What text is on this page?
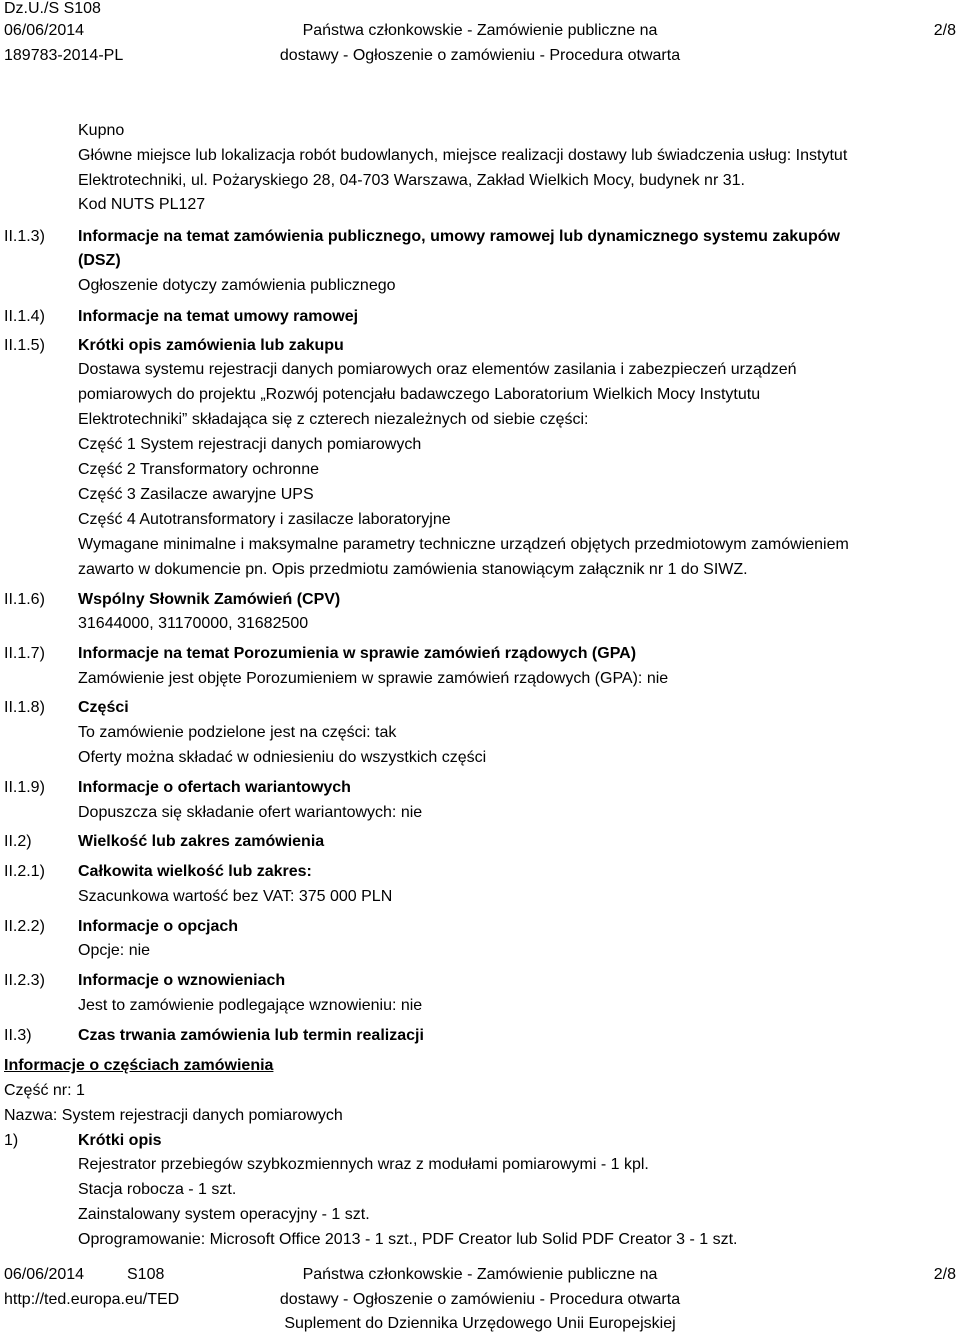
Dz.U./S S108
06/06/2014
189783-2014-PL
Państwa członkowskie - Zamówienie publiczne na
dostawy - Ogłoszenie o zamówieniu - Procedura otwarta
2/8
Kupno
Główne miejsce lub lokalizacja robót budowlanych, miejsce realizacji dostawy lub świadczenia usług: Instytut
Elektrotechniki, ul. Pożaryskiego 28, 04-703 Warszawa, Zakład Wielkich Mocy, budynek nr 31.
Kod NUTS PL127
II.1.3) Informacje na temat zamówienia publicznego, umowy ramowej lub dynamicznego systemu zakupów
(DSZ)
Ogłoszenie dotyczy zamówienia publicznego
II.1.4) Informacje na temat umowy ramowej
II.1.5) Krótki opis zamówienia lub zakupu
Dostawa systemu rejestracji danych pomiarowych oraz elementów zasilania i zabezpieczeń urządzeń
pomiarowych do projektu „Rozwój potencjału badawczego Laboratorium Wielkich Mocy Instytutu
Elektrotechniki” składająca się z czterech niezależnych od siebie części:
Część 1 System rejestracji danych pomiarowych
Część 2 Transformatory ochronne
Część 3 Zasilacze awaryjne UPS
Część 4 Autotransformatory i zasilacze laboratoryjne
Wymagane minimalne i maksymalne parametry techniczne urządzeń objętych przedmiotowym zamówieniem
zawarto w dokumencie pn. Opis przedmiotu zamówienia stanowiącym załącznik nr 1 do SIWZ.
II.1.6) Wspólny Słownik Zamówień (CPV)
31644000, 31170000, 31682500
II.1.7) Informacje na temat Porozumienia w sprawie zamówień rządowych (GPA)
Zamówienie jest objęte Porozumieniem w sprawie zamówień rządowych (GPA): nie
II.1.8) Części
To zamówienie podzielone jest na części: tak
Oferty można składać w odniesieniu do wszystkich części
II.1.9) Informacje o ofertach wariantowych
Dopuszcza się składanie ofert wariantowych: nie
II.2)	Wielkość lub zakres zamówienia
II.2.1) Całkowita wielkość lub zakres:
Szacunkowa wartość bez VAT: 375 000 PLN
II.2.2) Informacje o opcjach
Opcje: nie
II.2.3) Informacje o wznowieniach
Jest to zamówienie podlegające wznowieniu: nie
II.3)	Czas trwania zamówienia lub termin realizacji
Informacje o częściach zamówienia
Część nr: 1
Nazwa: System rejestracji danych pomiarowych
1)	Krótki opis
Rejestrator przebiegów szybkozmiennych wraz z modułami pomiarowymi - 1 kpl.
Stacja robocza - 1 szt.
Zainstalowany system operacyjny - 1 szt.
Oprogramowanie: Microsoft Office 2013 - 1 szt., PDF Creator lub Solid PDF Creator 3 - 1 szt.
06/06/2014	S108
http://ted.europa.eu/TED
Państwa członkowskie - Zamówienie publiczne na
dostawy - Ogłoszenie o zamówieniu - Procedura otwarta
Suplement do Dziennika Urzędowego Unii Europejskiej
2/8
